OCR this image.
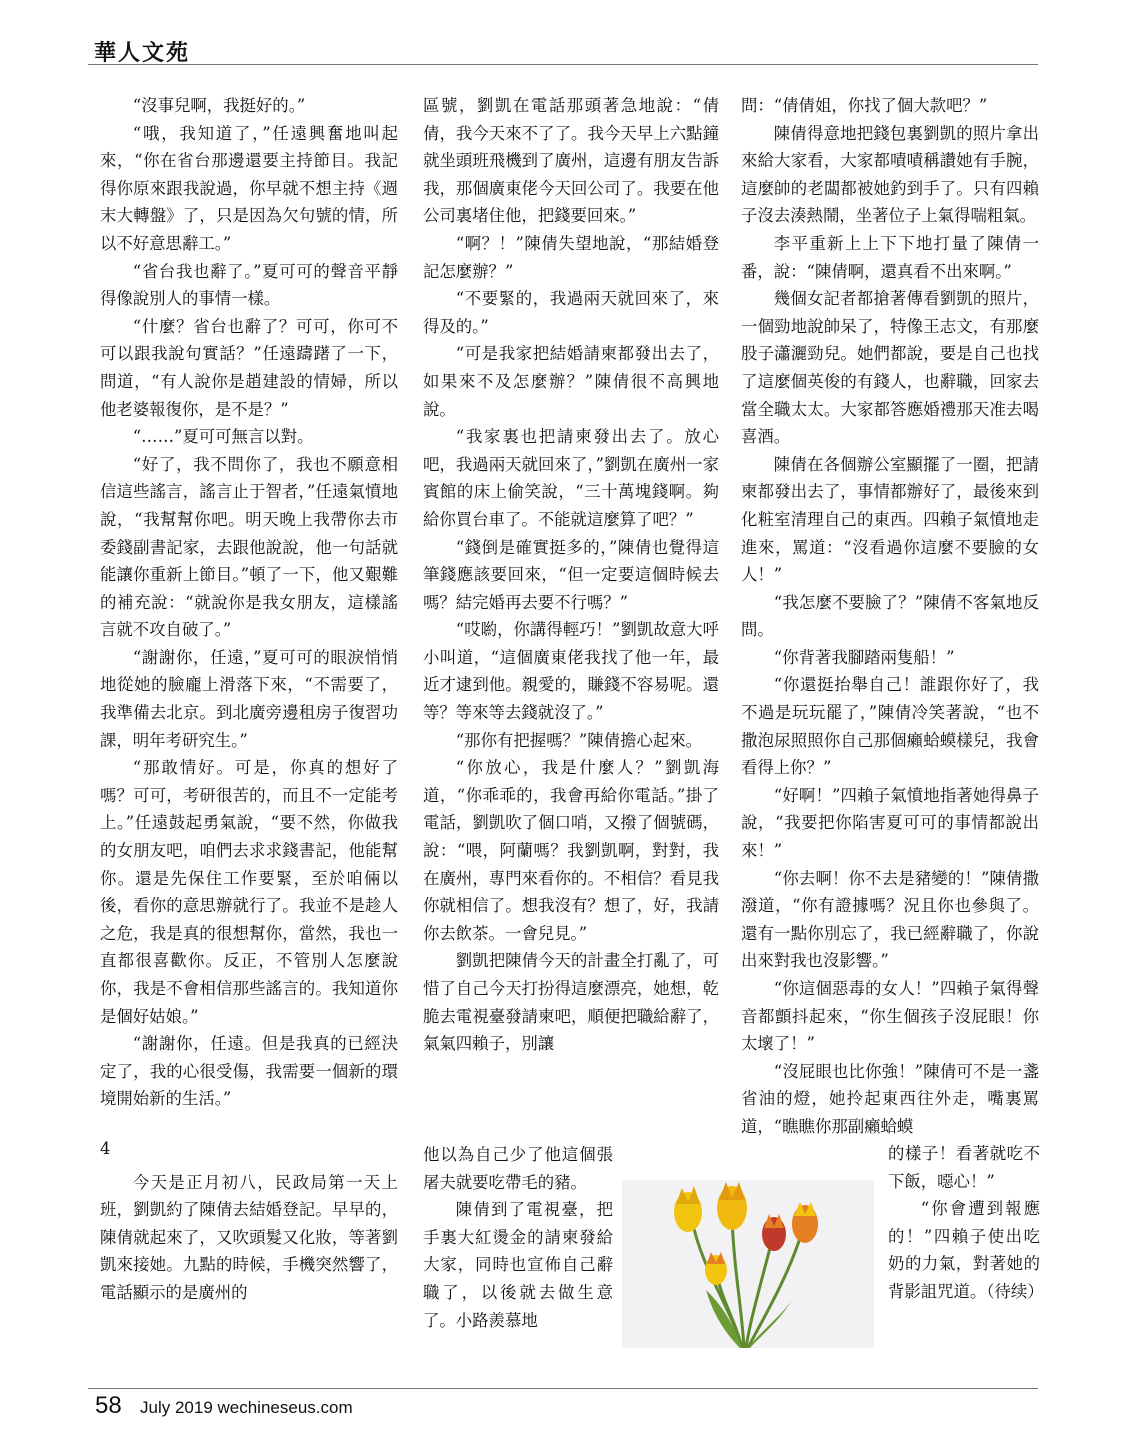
華人文苑

“沒事兒啊，我挺好的。”

“哦，我知道了，”任遠興奮地叫起來，“你在省台那邊還要主持節目。我記得你原來跟我說過，你早就不想主持《週末大轉盤》了，只是因為欠句號的情，所以不好意思辭工。”

“省台我也辭了。”夏可可的聲音平靜得像說別人的事情一樣。

“什麼？省台也辭了？可可，你可不可以跟我說句實話？”任遠躊躇了一下，問道，“有人說你是趙建設的情婦，所以他老婆報復你，是不是？”

“……”夏可可無言以對。

“好了，我不問你了，我也不願意相信這些謠言，謠言止于智者，”任遠氣憤地說，“我幫幫你吧。明天晚上我帶你去市委錢副書記家，去跟他說說，他一句話就能讓你重新上節目。”頓了一下，他又艱難的補充說：“就說你是我女朋友，這樣謠言就不攻自破了。”

“謝謝你，任遠，”夏可可的眼淚悄悄地從她的臉龐上滑落下來，“不需要了，我準備去北京。到北廣旁邊租房子復習功課，明年考研究生。”

“那敢情好。可是，你真的想好了嗎？可可，考研很苦的，而且不一定能考上。”任遠鼓起勇氣說，“要不然，你做我的女朋友吧，咱們去求求錢書記，他能幫你。還是先保住工作要緊，至於咱倆以後，看你的意思辦就行了。我並不是趁人之危，我是真的很想幫你，當然，我也一直都很喜歡你。反正，不管別人怎麼說你，我是不會相信那些謠言的。我知道你是個好姑娘。”

“謝謝你，任遠。但是我真的已經決定了，我的心很受傷，我需要一個新的環境開始新的生活。”

4

今天是正月初八，民政局第一天上班，劉凱約了陳倩去結婚登記。早早的，陳倩就起來了，又吹頭髮又化妝，等著劉凱來接她。九點的時候，手機突然響了，電話顯示的是廣州的

區號，劉凱在電話那頭著急地說：“倩倩，我今天來不了了。我今天早上六點鐘就坐頭班飛機到了廣州，這邊有朋友告訴我，那個廣東佬今天回公司了。我要在他公司裏堵住他，把錢要回來。”

“啊？！”陳倩失望地說，“那結婚登記怎麼辦？”

“不要緊的，我過兩天就回來了，來得及的。”

“可是我家把結婚請柬都發出去了，如果來不及怎麼辦？”陳倩很不高興地說。

“我家裏也把請柬發出去了。放心吧，我過兩天就回來了，”劉凱在廣州一家賓館的床上偷笑說，“三十萬塊錢啊。夠給你買台車了。不能就這麼算了吧？”

“錢倒是確實挺多的，”陳倩也覺得這筆錢應該要回來，“但一定要這個時候去嗎？結完婚再去要不行嗎？”

“哎喲，你講得輕巧！”劉凱故意大呼小叫道，“這個廣東佬我找了他一年，最近才逮到他。親愛的，賺錢不容易呢。還等？等來等去錢就沒了。”

“那你有把握嗎？”陳倩擔心起來。

“你放心，我是什麼人？”劉凱海道，“你乖乖的，我會再給你電話。”掛了電話，劉凱吹了個口哨，又撥了個號碼，說：“喂，阿蘭嗎？我劉凱啊，對對，我在廣州，專門來看你的。不相信？看見我你就相信了。想我沒有？想了，好，我請你去飲茶。一會兒見。”

劉凱把陳倩今天的計畫全打亂了，可惜了自己今天打扮得這麼漂亮，她想，乾脆去電視臺發請柬吧，順便把職給辭了，氣氣四賴子，別讓

他以為自己少了他這個張屠夫就要吃帶毛的豬。

陳倩到了電視臺，把手裏大紅燙金的請柬發給大家，同時也宣佈自己辭職了，以後就去做生意了。小路羨慕地

問：“倩倩姐，你找了個大款吧？”

陳倩得意地把錢包裏劉凱的照片拿出來給大家看，大家都嘖嘖稱讚她有手腕，這麼帥的老闆都被她釣到手了。只有四賴子沒去湊熱鬧，坐著位子上氣得喘粗氣。

李平重新上上下下地打量了陳倩一番，說：“陳倩啊，還真看不出來啊。”

幾個女記者都搶著傳看劉凱的照片，一個勁地說帥呆了，特像王志文，有那麼股子瀟灑勁兒。她們都說，要是自己也找了這麼個英俊的有錢人，也辭職，回家去當全職太太。大家都答應婚禮那天准去喝喜酒。

陳倩在各個辦公室顯擺了一圈，把請柬都發出去了，事情都辦好了，最後來到化粧室清理自己的東西。四賴子氣憤地走進來，罵道：“沒看過你這麼不要臉的女人！”

“我怎麼不要臉了？”陳倩不客氣地反問。

“你背著我腳踏兩隻船！”

“你還挺抬舉自己！誰跟你好了，我不過是玩玩罷了，”陳倩冷笑著說，“也不撒泡尿照照你自己那個癩蛤蟆樣兒，我會看得上你？”

“好啊！”四賴子氣憤地指著她得鼻子說，“我要把你陷害夏可可的事情都說出來！”

“你去啊！你不去是豬變的！”陳倩撒潑道，“你有證據嗎？況且你也參與了。還有一點你別忘了，我已經辭職了，你說出來對我也沒影響。”

“你這個惡毒的女人！”四賴子氣得聲音都顫抖起來，“你生個孩子沒屁眼！你太壞了！”

“沒屁眼也比你強！”陳倩可不是一盞省油的燈，她拎起東西往外走，嘴裏罵道，“瞧瞧你那副癩蛤蟆

的樣子！看著就吃不下飯，噁心！”

“你會遭到報應的！”四賴子使出吃奶的力氣，對著她的背影詛咒道。（待续）

58 July 2019 wechineseus.com
